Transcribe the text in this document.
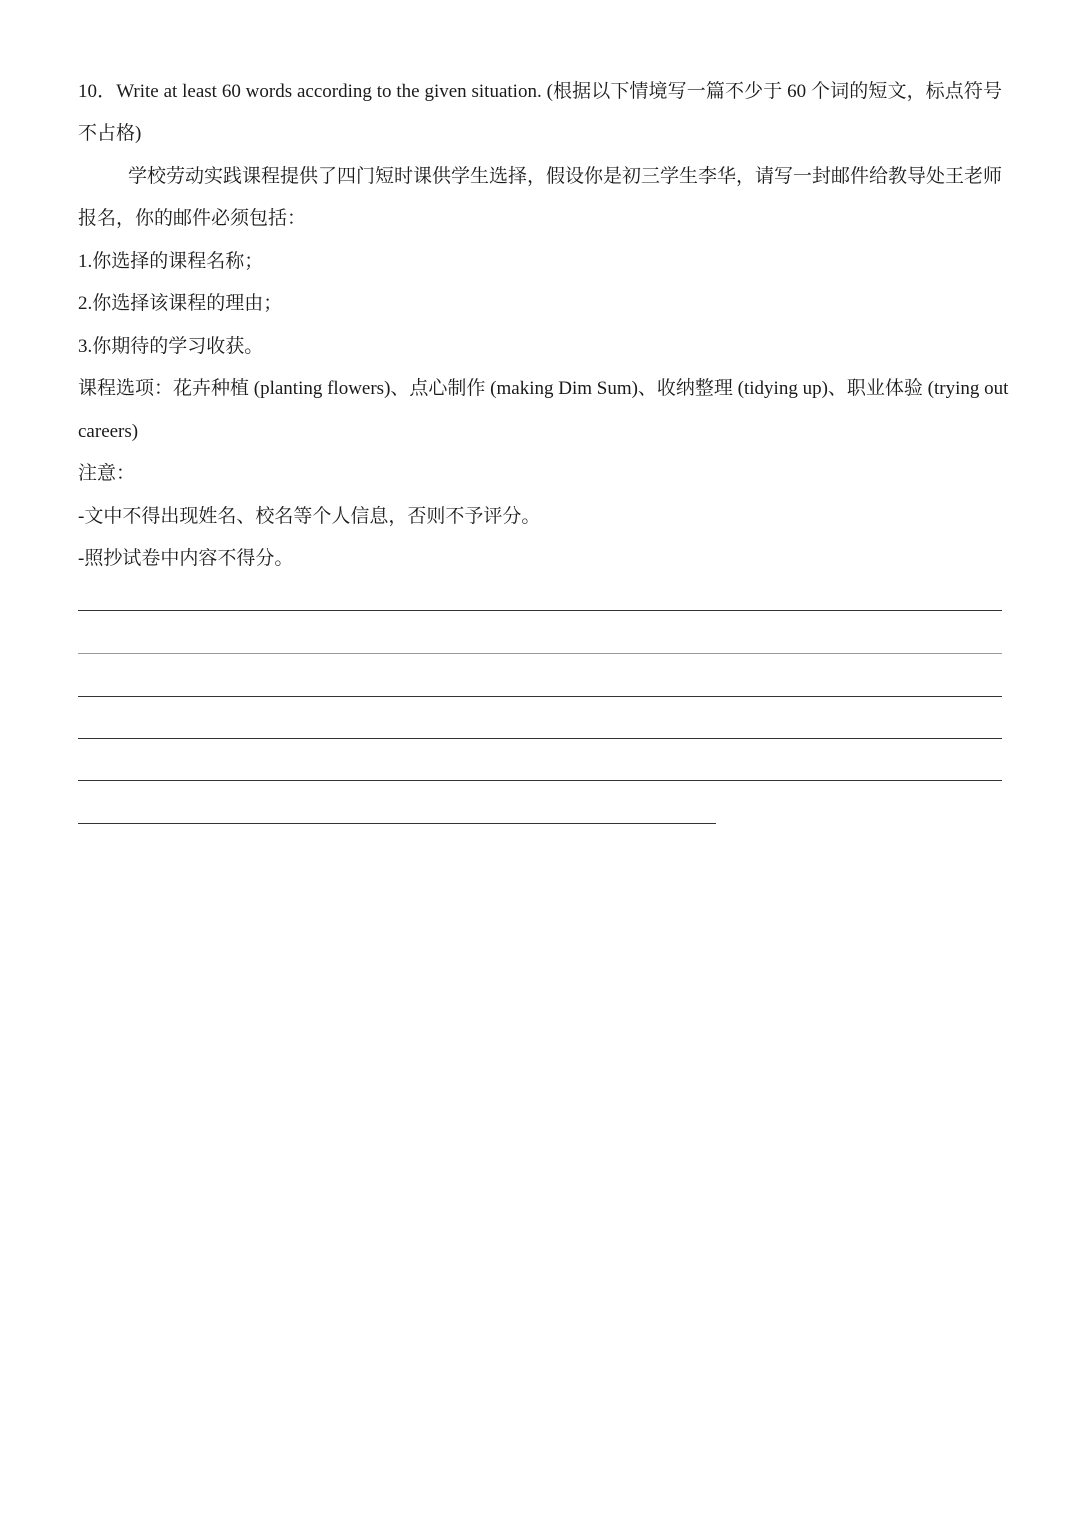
10．Write at least 60 words according to the given situation. (根据以下情境写一篇不少于 60 个词的短文，标点符号
不占格)
学校劳动实践课程提供了四门短时课供学生选择，假设你是初三学生李华，请写一封邮件给教导处王老师
报名，你的邮件必须包括：
1.你选择的课程名称；
2.你选择该课程的理由；
3.你期待的学习收获。
课程选项：花卉种植 (planting flowers)、点心制作 (making Dim Sum)、收纳整理 (tidying up)、职业体验 (trying out
careers)
注意：
-文中不得出现姓名、校名等个人信息，否则不予评分。
-照抄试卷中内容不得分。
